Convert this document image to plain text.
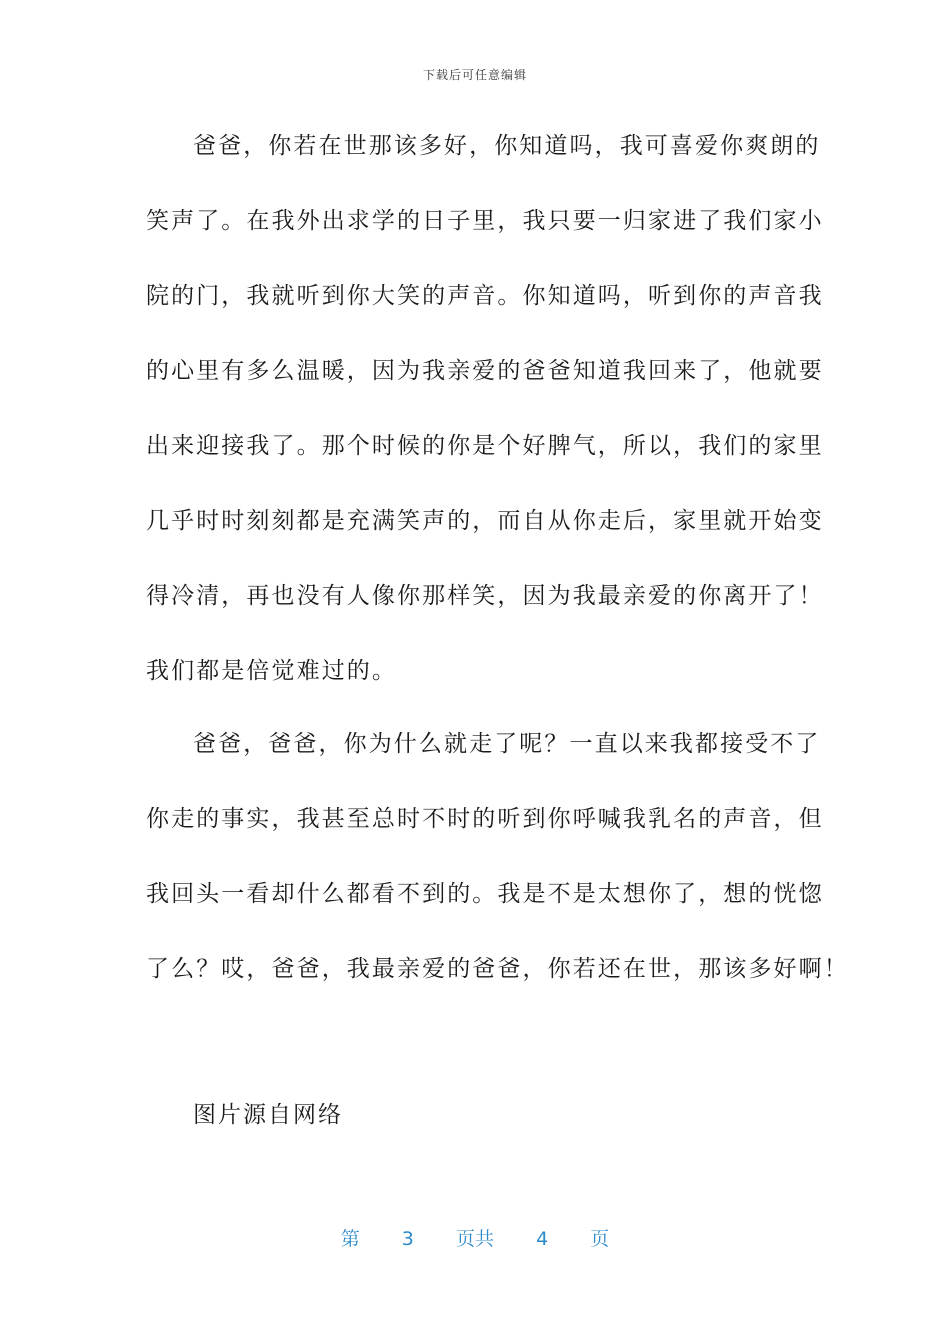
下载后可任意编辑
爸爸，你若在世那该多好，你知道吗，我可喜爱你爽朗的
笑声了。在我外出求学的日子里，我只要一归家进了我们家小
院的门，我就听到你大笑的声音。你知道吗，听到你的声音我
的心里有多么温暖，因为我亲爱的爸爸知道我回来了，他就要
出来迎接我了。那个时候的你是个好脾气，所以，我们的家里
几乎时时刻刻都是充满笑声的，而自从你走后，家里就开始变
得冷清，再也没有人像你那样笑，因为我最亲爱的你离开了！
我们都是倍觉难过的。
爸爸，爸爸，你为什么就走了呢？一直以来我都接受不了
你走的事实，我甚至总时不时的听到你呼喊我乳名的声音，但
我回头一看却什么都看不到的。我是不是太想你了，想的恍惚
了么？哎，爸爸，我最亲爱的爸爸，你若还在世，那该多好啊！
图片源自网络
第 3 页共 4 页
